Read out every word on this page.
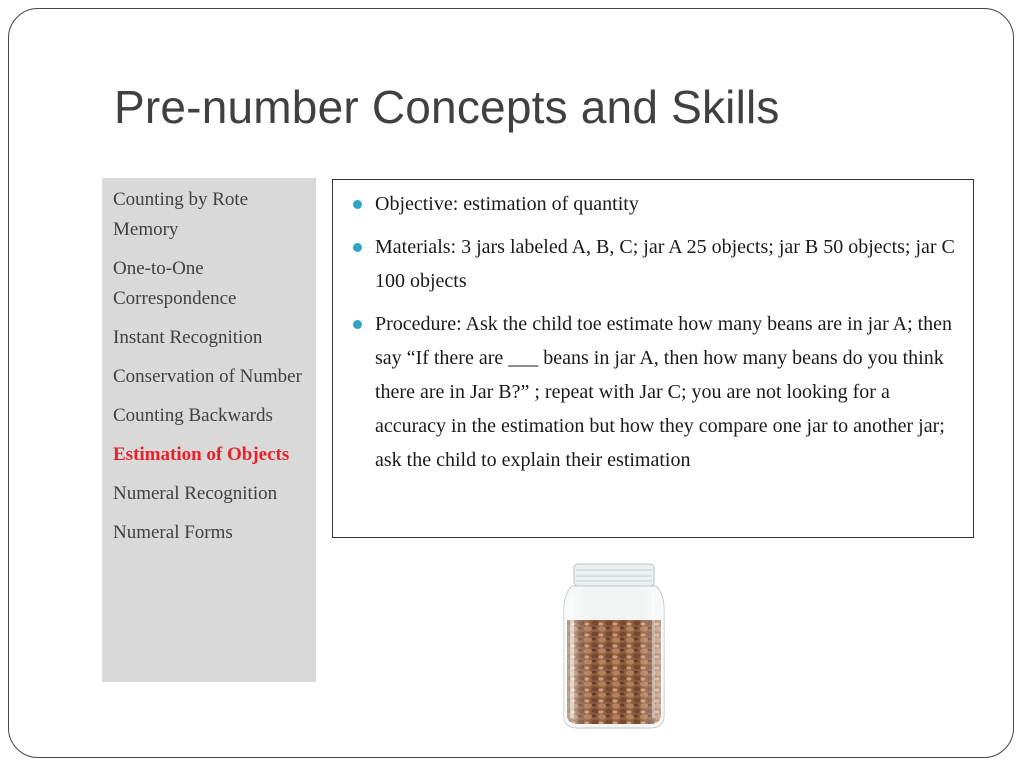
Pre-number Concepts and Skills
Counting by Rote Memory
One-to-One Correspondence
Instant Recognition
Conservation of Number
Counting Backwards
Estimation of Objects
Numeral Recognition
Numeral Forms
Objective: estimation of quantity
Materials: 3 jars labeled A, B, C; jar A 25 objects; jar B 50 objects; jar C 100 objects
Procedure: Ask the child toe estimate how many beans are in jar A; then say “If there are ___ beans in jar A, then how many beans do you think there are in Jar B?” ; repeat with Jar C; you are not looking for a accuracy in the estimation but how they compare one jar to another jar; ask the child to explain their estimation
